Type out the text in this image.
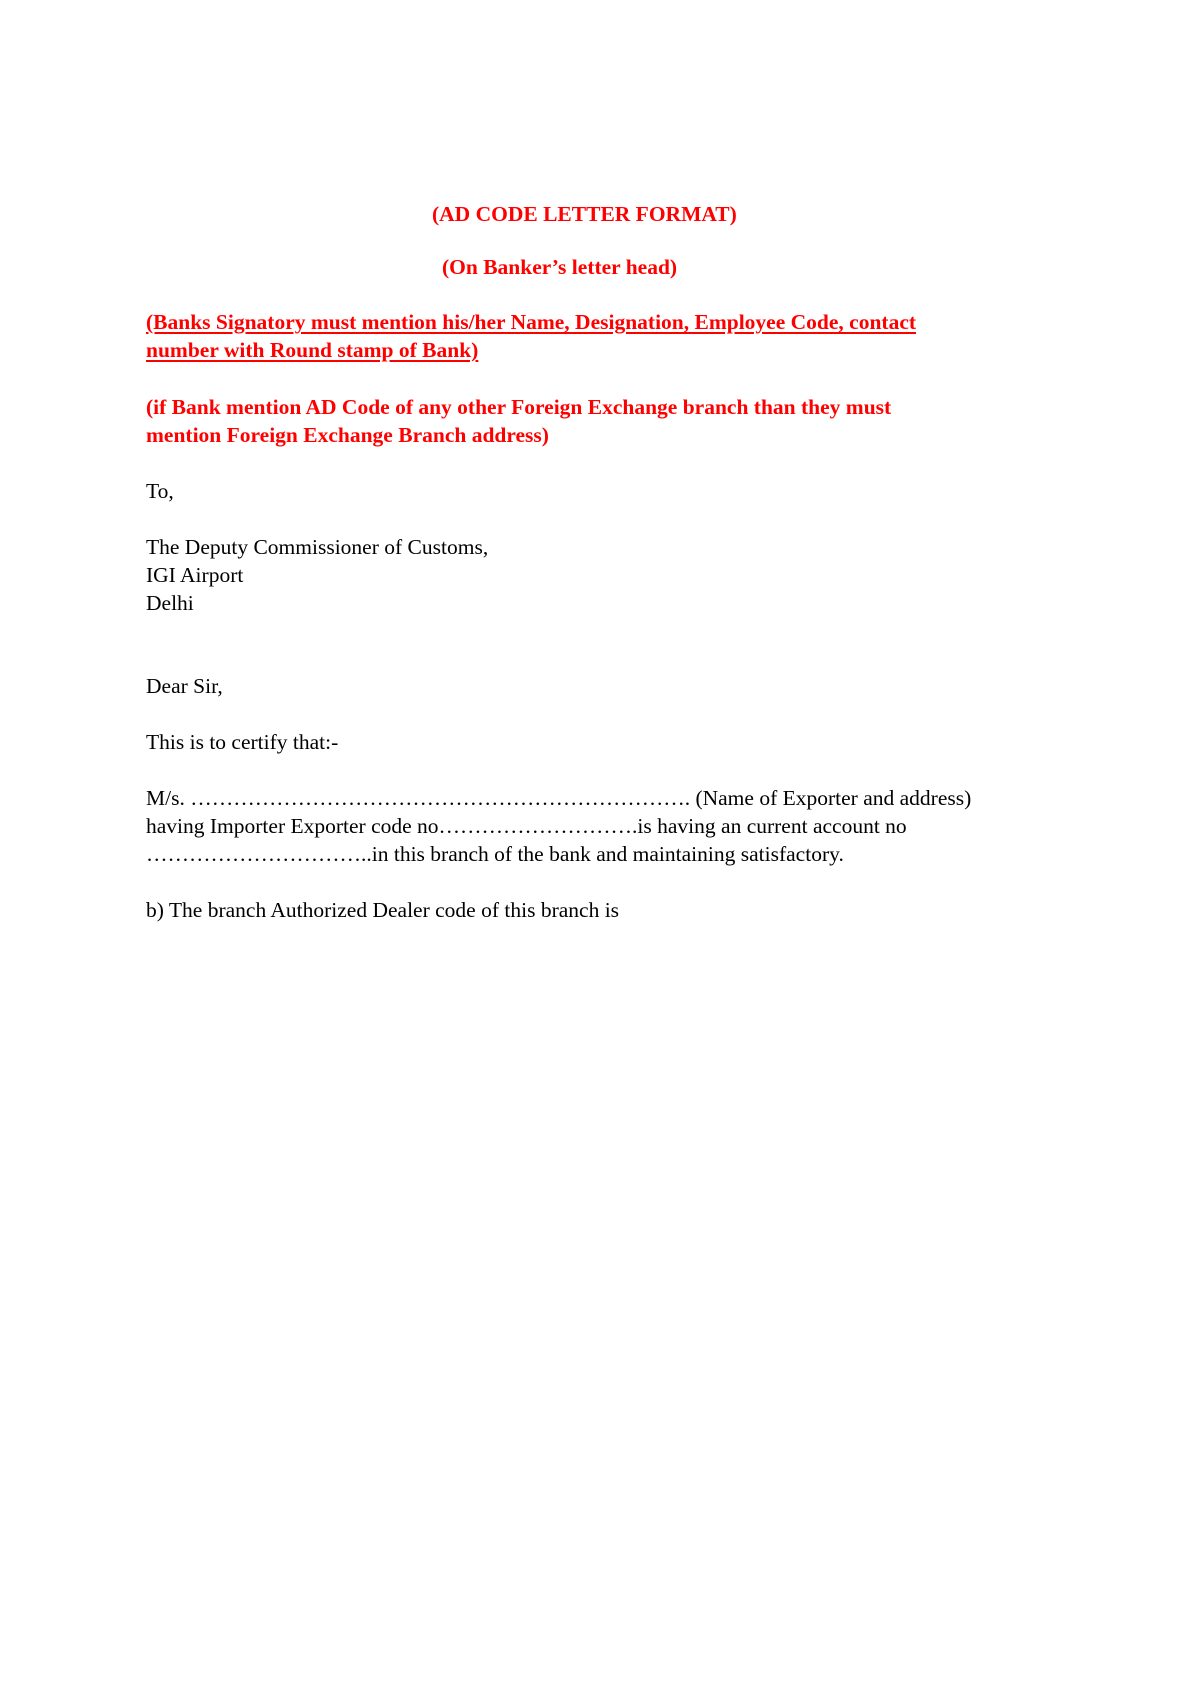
(AD CODE LETTER FORMAT)
(On Banker’s letter head)
(Banks Signatory must mention his/her Name, Designation, Employee Code, contact
number with Round stamp of Bank)
(if Bank mention AD Code of any other Foreign Exchange branch than they must
mention Foreign Exchange Branch address)
To,
The Deputy Commissioner of Customs,
IGI Airport
Delhi
Dear Sir,
This is to certify that:-
M/s. ……………………………………………………………. (Name of Exporter and address)
having Importer Exporter code no……………………….is having an current account no
…………………………..in this branch of the bank and maintaining satisfactory.
b) The branch Authorized Dealer code of this branch is
